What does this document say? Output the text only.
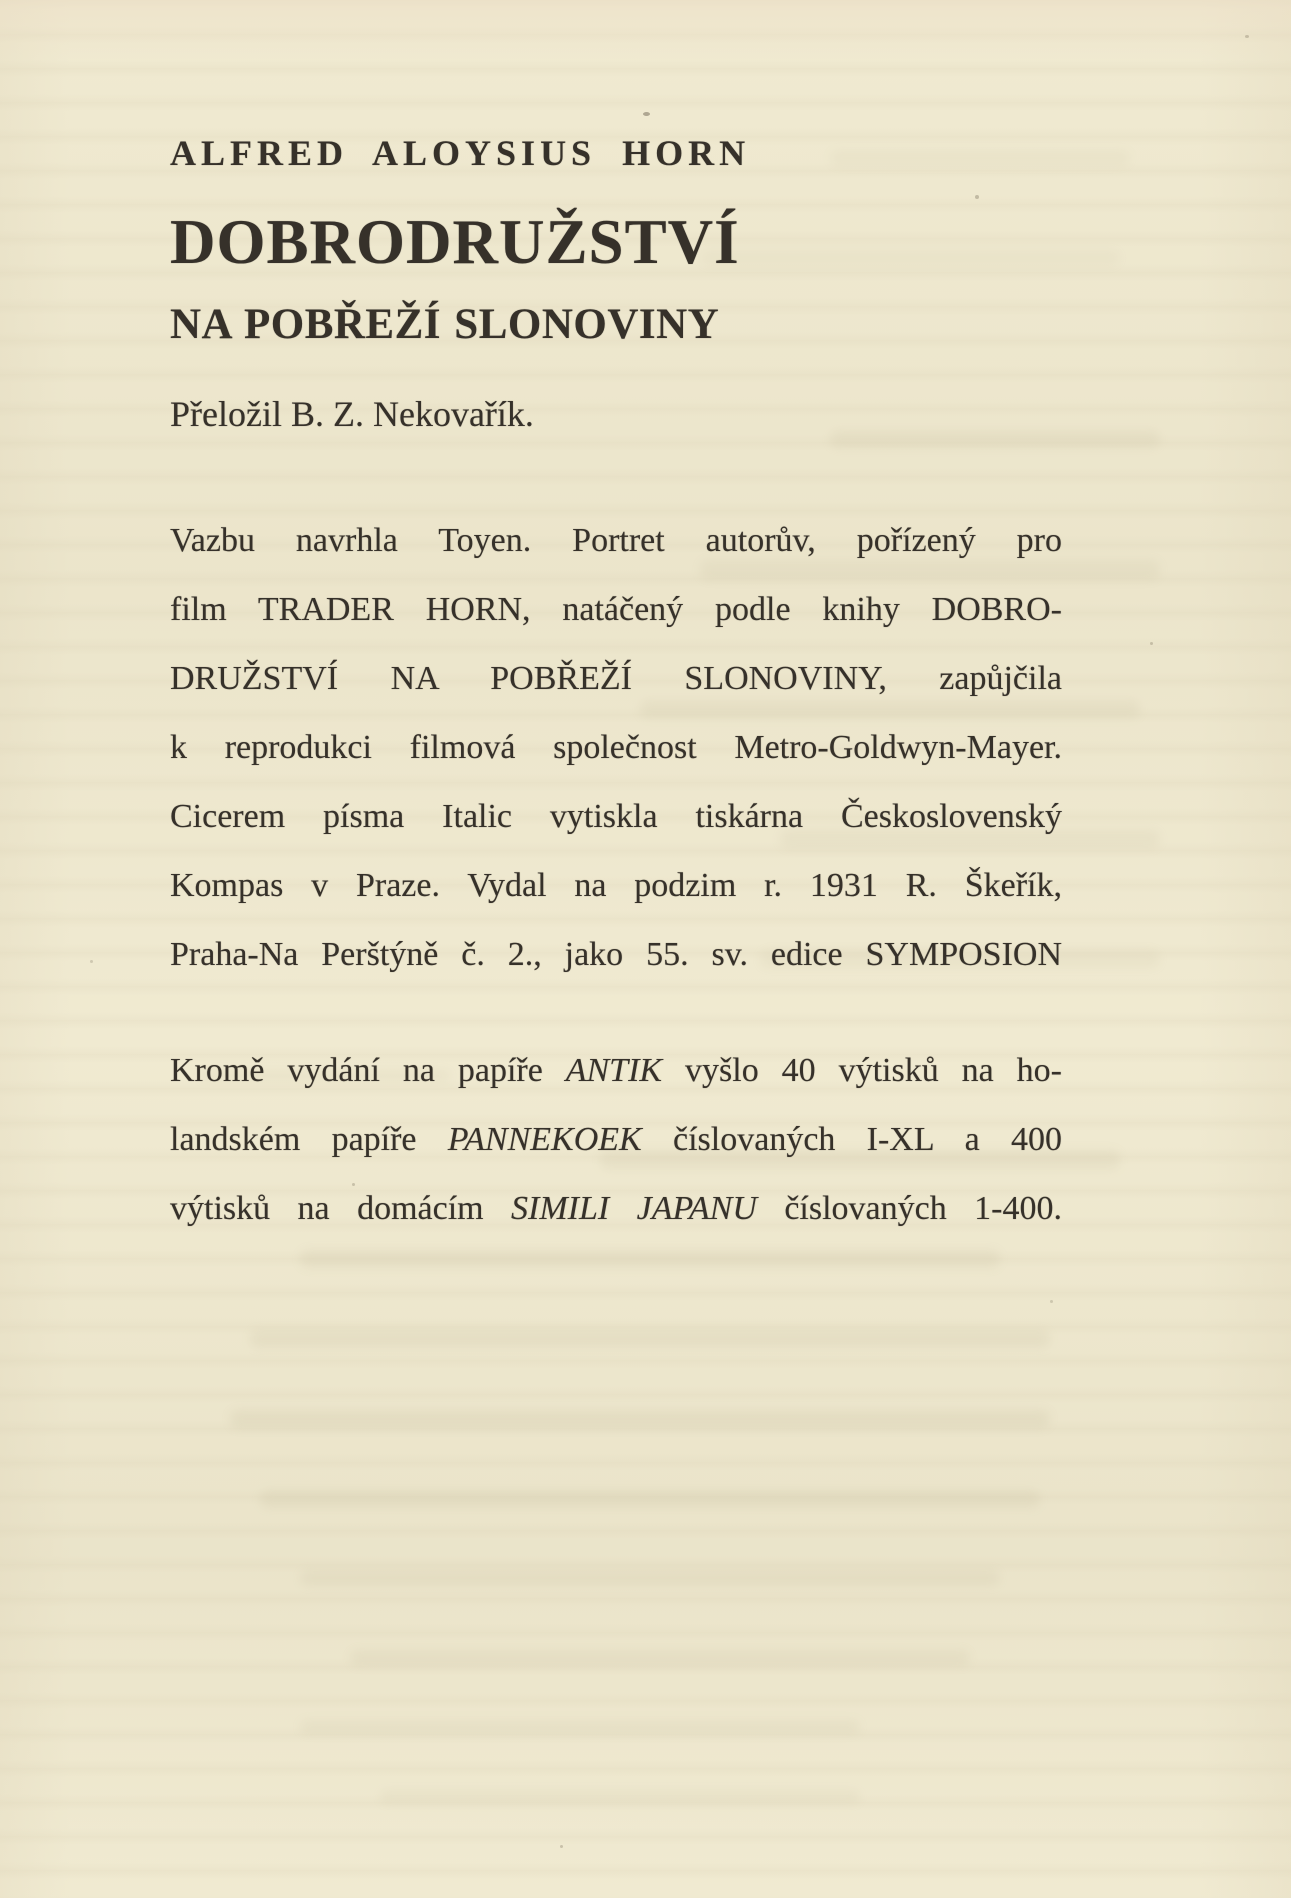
ALFRED ALOYSIUS HORN
DOBRODRUŽSTVÍ
NA POBŘEŽÍ SLONOVINY
Přeložil B. Z. Nekovařík.
Vazbu navrhla Toyen. Portret autorův, pořízený pro
film TRADER HORN, natáčený podle knihy DOBRO-
DRUŽSTVÍ NA POBŘEŽÍ SLONOVINY, zapůjčila
k reprodukci filmová společnost Metro-Goldwyn-Mayer.
Cicerem písma Italic vytiskla tiskárna Československý
Kompas v Praze. Vydal na podzim r. 1931 R. Škeřík,
Praha-Na Perštýně č. 2., jako 55. sv. edice SYMPOSION
Kromě vydání na papíře ANTIK vyšlo 40 výtisků na ho-
landském papíře PANNEKOEK číslovaných I-XL a 400
výtisků na domácím SIMILI JAPANU číslovaných 1-400.
